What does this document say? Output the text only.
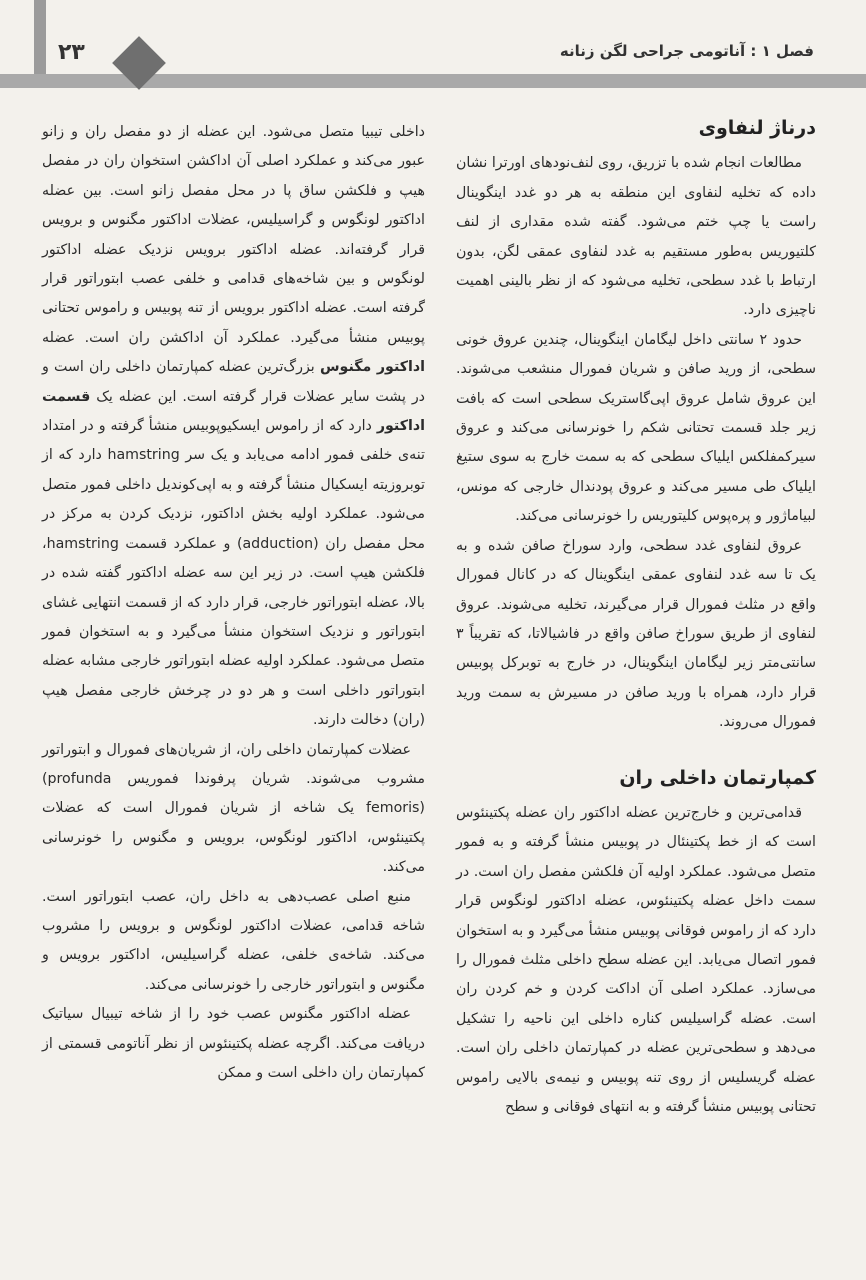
۲۳	فصل ۱ : آناتومی جراحی لگن زنانه
درناژ لنفاوی

مطالعات انجام شده با تزریق، روی لنف‌نودهای اورترا نشان داده که تخلیه لنفاوی این منطقه به هر دو غدد اینگوینال راست یا چپ ختم می‌شود. گفته شده مقداری از لنف کلتیوریس به‌طور مستقیم به غدد لنفاوی عمقی لگن، بدون ارتباط با غدد سطحی، تخلیه می‌شود که از نظر بالینی اهمیت ناچیزی دارد.

حدود ۲ سانتی داخل لیگامان اینگوینال، چندین عروق خونی سطحی، از ورید صافن و شریان فمورال منشعب می‌شوند. این عروق شامل عروق اپی‌گاستریک سطحی است که بافت زیر جلد قسمت تحتانی شکم را خونرسانی می‌کند و عروق سیرکمفلکس ایلیاک سطحی که به سمت خارج به سوی ستیغ ایلیاک طی مسیر می‌کند و عروق پودندال خارجی که مونس، لبیاماژور و پره‌پوس کلیتوریس را خونرسانی می‌کند.

عروق لنفاوی غدد سطحی، وارد سوراخ صافن شده و به یک تا سه غدد لنفاوی عمقی اینگوینال که در کانال فمورال واقع در مثلث فمورال قرار می‌گیرند، تخلیه می‌شوند. عروق لنفاوی از طریق سوراخ صافن واقع در فاشیالاتا، که تقریباً ۳ سانتی‌متر زیر لیگامان اینگوینال، در خارج به توبرکل پوبیس قرار دارد، همراه با ورید صافن در مسیرش به سمت ورید فمورال می‌روند.

کمپارتمان داخلی ران

قدامی‌ترین و خارج‌ترین عضله اداکتور ران عضله پکتینئوس است که از خط پکتینئال در پوبیس منشأ گرفته و به فمور متصل می‌شود. عملکرد اولیه آن فلکشن مفصل ران است. در سمت داخل عضله پکتینئوس، عضله اداکتور لونگوس قرار دارد که از راموس فوقانی پوبیس منشأ می‌گیرد و به استخوان فمور اتصال می‌یابد. این عضله سطح داخلی مثلث فمورال را می‌سازد. عملکرد اصلی آن اداکت کردن و خم کردن ران است. عضله گراسیلیس کناره داخلی این ناحیه را تشکیل می‌دهد و سطحی‌ترین عضله در کمپارتمان داخلی ران است. عضله گریسلیس از روی تنه پوبیس و نیمه‌ی بالایی راموس تحتانی پوبیس منشأ گرفته و به انتهای فوقانی و سطح

داخلی تیبیا متصل می‌شود. این عضله از دو مفصل ران و زانو عبور می‌کند و عملکرد اصلی آن اداکشن استخوان ران در مفصل هیپ و فلکشن ساق پا در محل مفصل زانو است. بین عضله اداکتور لونگوس و گراسیلیس، عضلات اداکتور مگنوس و برویس قرار گرفته‌اند. عضله اداکتور برویس نزدیک عضله اداکتور لونگوس و بین شاخه‌های قدامی و خلفی عصب ابتوراتور قرار گرفته است. عضله اداکتور برویس از تنه پوبیس و راموس تحتانی پوبیس منشأ می‌گیرد. عملکرد آن اداکشن ران است. عضله اداکتور مگنوس بزرگ‌ترین عضله کمپارتمان داخلی ران است و در پشت سایر عضلات قرار گرفته است. این عضله یک قسمت اداکتور دارد که از راموس ایسکیوپوبیس منشأ گرفته و در امتداد تنه‌ی خلفی فمور ادامه می‌یابد و یک سر hamstring دارد که از توبروزیته ایسکیال منشأ گرفته و به اپی‌کوندیل داخلی فمور متصل می‌شود. عملکرد اولیه بخش اداکتور، نزدیک کردن به مرکز در محل مفصل ران (adduction) و عملکرد قسمت hamstring، فلکشن هیپ است. در زیر این سه عضله اداکتور گفته شده در بالا، عضله ابتوراتور خارجی، قرار دارد که از قسمت انتهایی غشای ابتوراتور و نزدیک استخوان منشأ می‌گیرد و به استخوان فمور متصل می‌شود. عملکرد اولیه عضله ابتوراتور خارجی مشابه عضله ابتوراتور داخلی است و هر دو در چرخش خارجی مفصل هیپ (ران) دخالت دارند.

عضلات کمپارتمان داخلی ران، از شریان‌های فمورال و ابتوراتور مشروب می‌شوند. شریان پرفوندا فموریس (profunda femoris) یک شاخه از شریان فمورال است که عضلات پکتینئوس، اداکتور لونگوس، برویس و مگنوس را خونرسانی می‌کند.

منبع اصلی عصب‌دهی به داخل ران، عصب ابتوراتور است. شاخه قدامی، عضلات اداکتور لونگوس و برویس را مشروب می‌کند. شاخه‌ی خلفی، عضله گراسیلیس، اداکتور برویس و مگنوس و ابتوراتور خارجی را خونرسانی می‌کند.

عضله اداکتور مگنوس عصب خود را از شاخه تیبیال سیاتیک دریافت می‌کند. اگرچه عضله پکتینئوس از نظر آناتومی قسمتی از کمپارتمان ران داخلی است و ممکن
